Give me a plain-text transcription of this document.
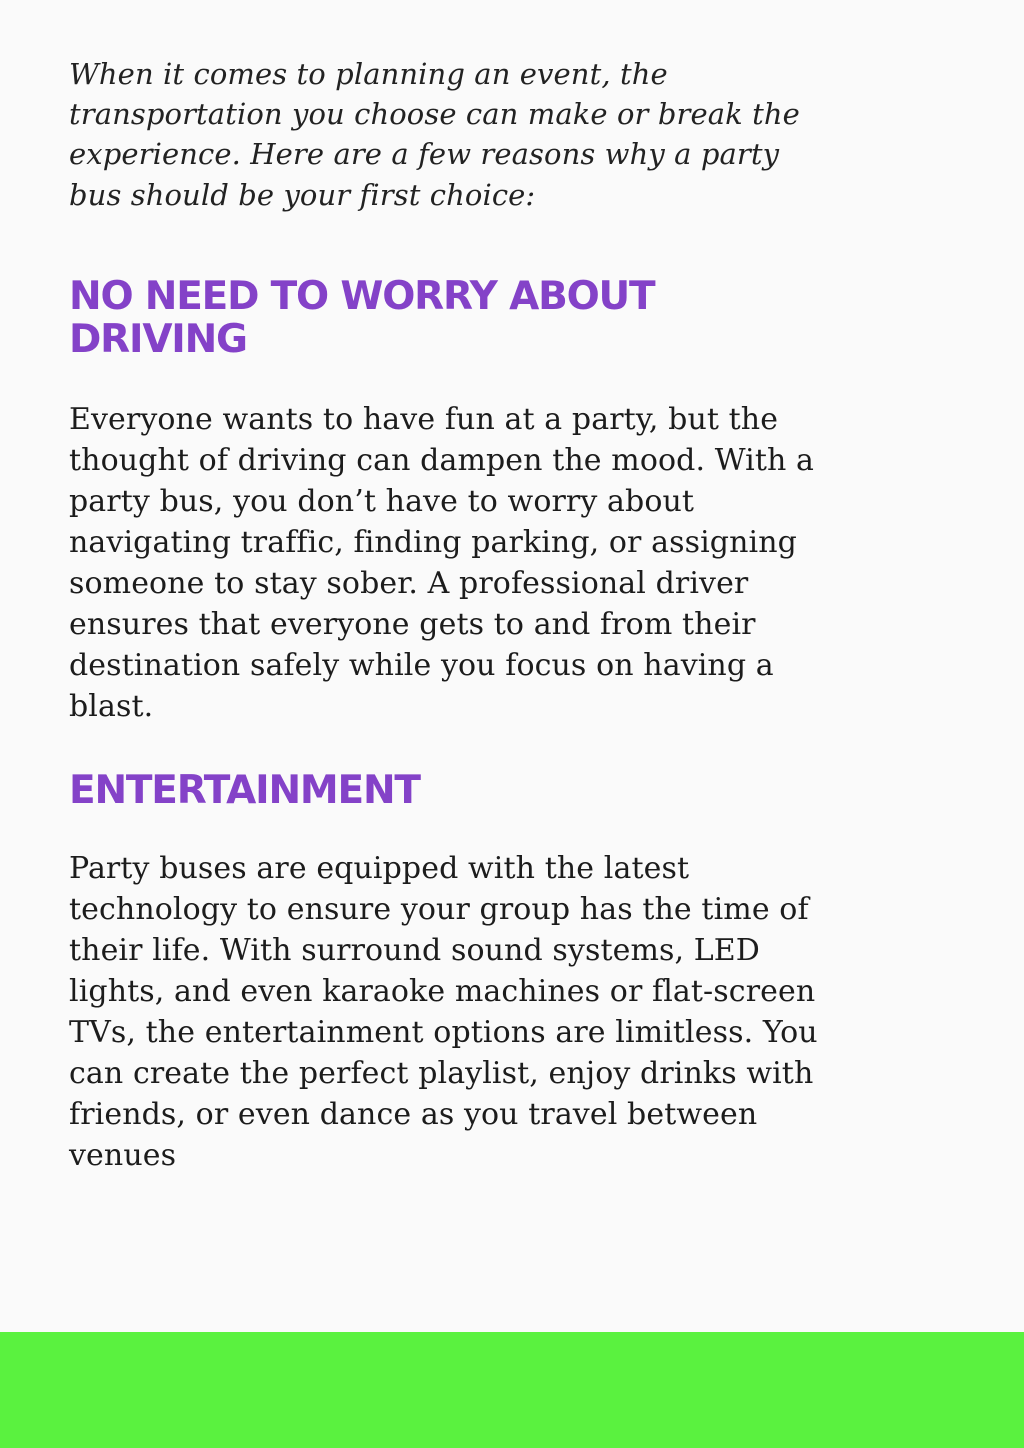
When it comes to planning an event, the transportation you choose can make or break the experience. Here are a few reasons why a party bus should be your first choice:

NO NEED TO WORRY ABOUT DRIVING

Everyone wants to have fun at a party, but the thought of driving can dampen the mood. With a party bus, you don’t have to worry about navigating traffic, finding parking, or assigning someone to stay sober. A professional driver ensures that everyone gets to and from their destination safely while you focus on having a blast.

ENTERTAINMENT

Party buses are equipped with the latest technology to ensure your group has the time of their life. With surround sound systems, LED lights, and even karaoke machines or flat-screen TVs, the entertainment options are limitless. You can create the perfect playlist, enjoy drinks with friends, or even dance as you travel between venues
